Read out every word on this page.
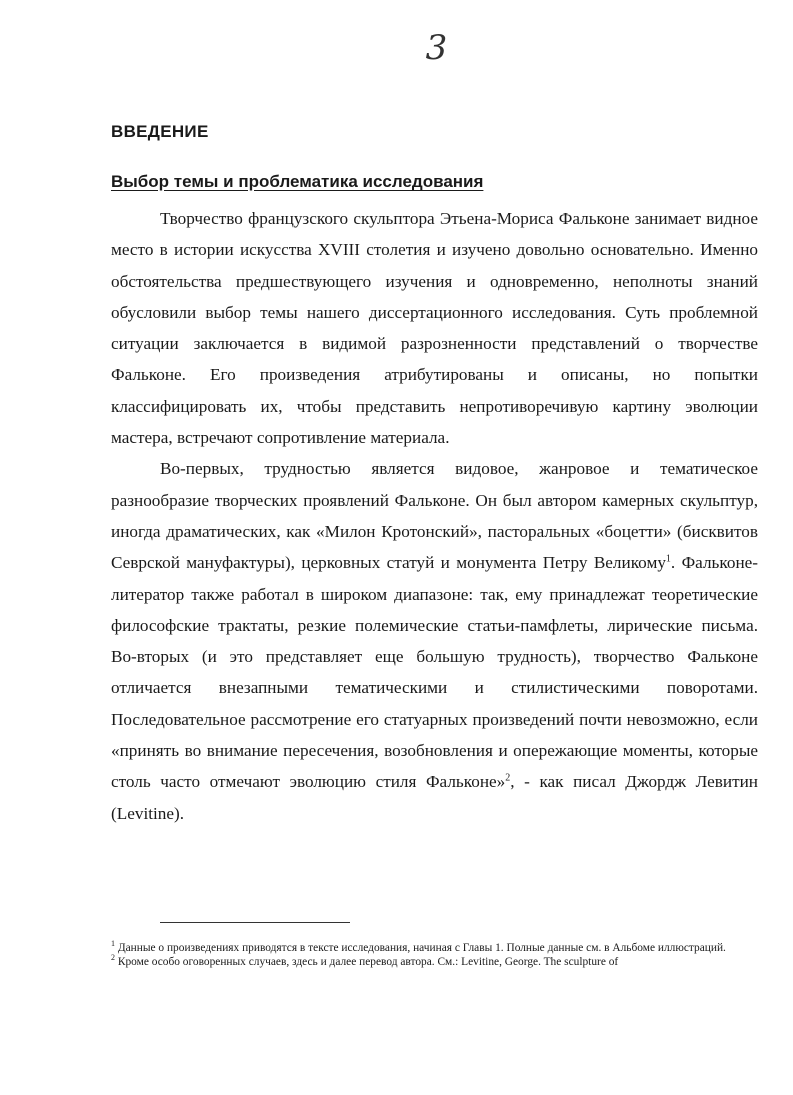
3
ВВЕДЕНИЕ
Выбор темы и проблематика исследования

Творчество французского скульптора Этьена-Мориса Фальконе занимает видное место в истории искусства XVIII столетия и изучено довольно основательно. Именно обстоятельства предшествующего изучения и одновременно, неполноты знаний обусловили выбор темы нашего диссертационного исследования. Суть проблемной ситуации заключается в видимой разрозненности представлений о творчестве Фальконе. Его произведения атрибутированы и описаны, но попытки классифицировать их, чтобы представить непротиворечивую картину эволюции мастера, встречают сопротивление материала.

Во-первых, трудностью является видовое, жанровое и тематическое разнообразие творческих проявлений Фальконе. Он был автором камерных скульптур, иногда драматических, как «Милон Кротонский», пасторальных «боцетти» (бисквитов Севрской мануфактуры), церковных статуй и монумента Петру Великому$^1$. Фальконе-литератор также работал в широком диапазоне: так, ему принадлежат теоретические философские трактаты, резкие полемические статьи-памфлеты, лирические письма. Во-вторых (и это представляет еще большую трудность), творчество Фальконе отличается внезапными тематическими и стилистическими поворотами. Последовательное рассмотрение его статуарных произведений почти невозможно, если «принять во внимание пересечения, возобновления и опережающие моменты, которые столь часто отмечают эволюцию стиля Фальконе»$^2$, - как писал Джордж Левитин (Levitine).

$^1$ Данные о произведениях приводятся в тексте исследования, начиная с Главы 1. Полные данные см. в Альбоме иллюстраций.

$^2$ Кроме особо оговоренных случаев, здесь и далее перевод автора. См.: Levitine, George. The sculpture of
